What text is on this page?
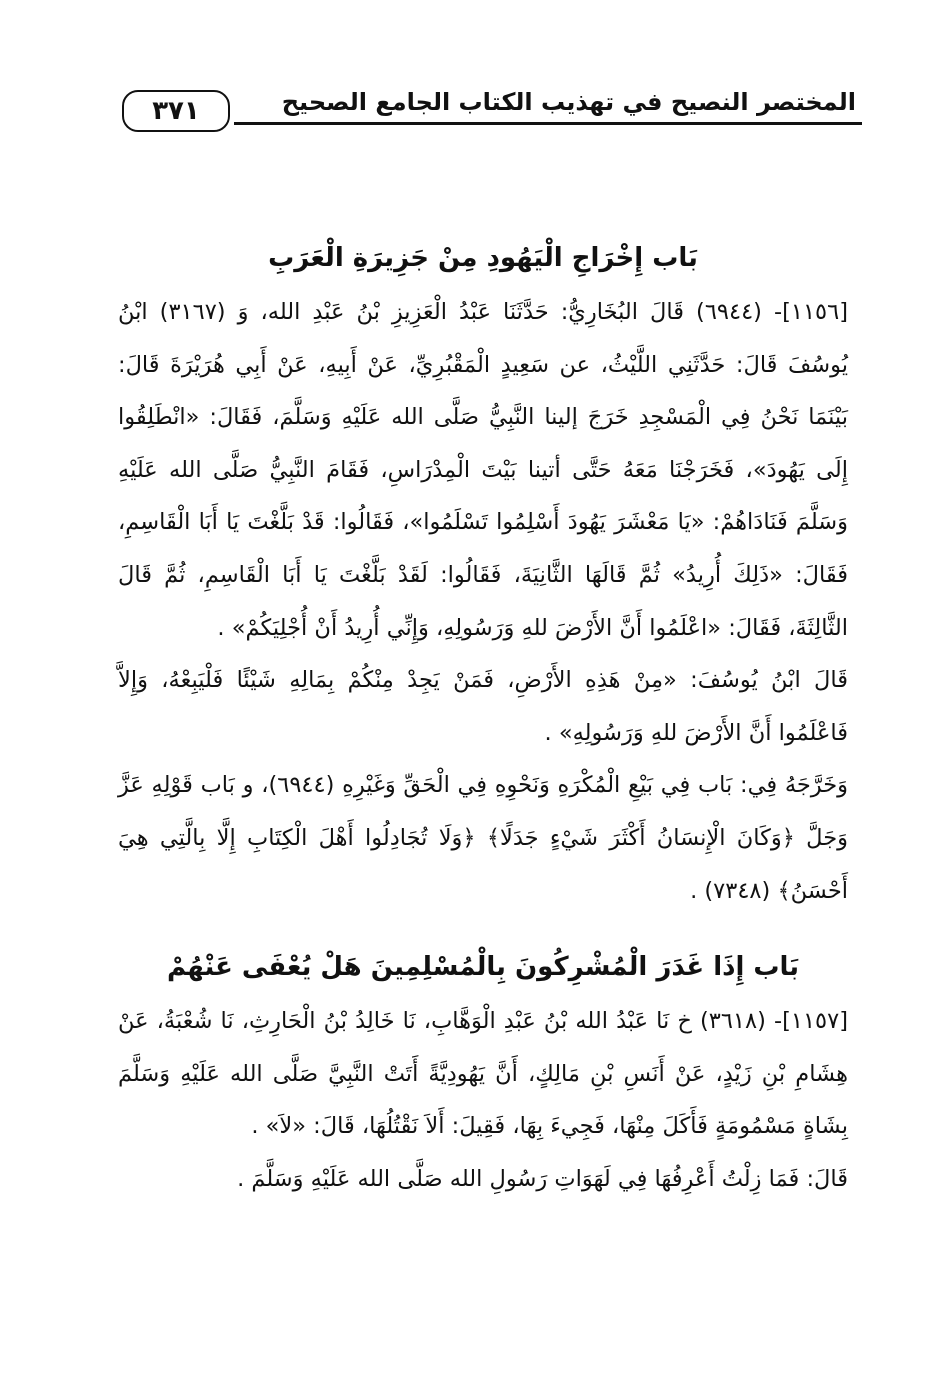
٣٧١	المختصر النصيح في تهذيب الكتاب الجامع الصحيح
بَاب إِخْرَاجِ الْيَهُودِ مِنْ جَزِيرَةِ الْعَرَبِ

[١١٥٦]- (٦٩٤٤) قَالَ البُخَارِيُّ: حَدَّثَنَا عَبْدُ الْعَزِيزِ بْنُ عَبْدِ الله، وَ (٣١٦٧) ابْنُ يُوسُفَ قَالَ: حَدَّثَنِي اللَّيْثُ، عن سَعِيدٍ الْمَقْبُرِيِّ، عَنْ أَبِيهِ، عَنْ أَبِي هُرَيْرَةَ قَالَ: بَيْنَمَا نَحْنُ فِي الْمَسْجِدِ خَرَجَ إلينا النَّبِيُّ صَلَّى الله عَلَيْهِ وَسَلَّمَ، فَقَالَ: «انْطَلِقُوا إِلَى يَهُودَ»، فَخَرَجْنَا مَعَهُ حَتَّى أتينا بَيْتَ الْمِدْرَاسِ، فَقَامَ النَّبِيُّ صَلَّى الله عَلَيْهِ وَسَلَّمَ فَنَادَاهُمْ: «يَا مَعْشَرَ يَهُودَ أَسْلِمُوا تَسْلَمُوا»، فَقَالُوا: قَدْ بَلَّغْتَ يَا أَبَا الْقَاسِمِ، فَقَالَ: «ذَلِكَ أُرِيدُ» ثُمَّ قَالَهَا الثَّانِيَةَ، فَقَالُوا: لَقَدْ بَلَّغْتَ يَا أَبَا الْقَاسِمِ، ثُمَّ قَالَ الثَّالِثَةَ، فَقَالَ: «اعْلَمُوا أَنَّ الأَرْضَ للهِ وَرَسُولِهِ، وَإِنِّي أُرِيدُ أَنْ أُجْلِيَكُمْ» .

قَالَ ابْنُ يُوسُفَ: «مِنْ هَذِهِ الأَرْضِ، فَمَنْ يَجِدْ مِنْكُمْ بِمَالِهِ شَيْئًا فَلْيَبِعْهُ، وَإِلاَّ فَاعْلَمُوا أَنَّ الأَرْضَ للهِ وَرَسُولِهِ» .

وَخَرَّجَهُ فِي: بَاب فِي بَيْعِ الْمُكْرَهِ وَنَحْوِهِ فِي الْحَقِّ وَغَيْرِهِ (٦٩٤٤)، و بَاب قَوْلِهِ عَزَّ وَجَلَّ ﴿وَكَانَ الْإِنسَانُ أَكْثَرَ شَيْءٍ جَدَلًا﴾ ﴿وَلَا تُجَادِلُوا أَهْلَ الْكِتَابِ إِلَّا بِالَّتِي هِيَ أَحْسَنُ﴾ (٧٣٤٨) .

بَاب إِذَا غَدَرَ الْمُشْرِكُونَ بِالْمُسْلِمِينَ هَلْ يُعْفَى عَنْهُمْ

[١١٥٧]- (٣٦١٨) خ نَا عَبْدُ الله بْنُ عَبْدِ الْوَهَّابِ، نَا خَالِدُ بْنُ الْحَارِثِ، نَا شُعْبَةُ، عَنْ هِشَامِ بْنِ زَيْدٍ، عَنْ أَنَسِ بْنِ مَالِكٍ، أَنَّ يَهُودِيَّةً أَتَتْ النَّبِيَّ صَلَّى الله عَلَيْهِ وَسَلَّمَ بِشَاةٍ مَسْمُومَةٍ فَأَكَلَ مِنْهَا، فَجِيءَ بِهَا، فَقِيلَ: أَلاَ نَقْتُلُهَا، قَالَ: «لاَ» .

قَالَ: فَمَا زِلْتُ أَعْرِفُهَا فِي لَهَوَاتِ رَسُولِ الله صَلَّى الله عَلَيْهِ وَسَلَّمَ .
